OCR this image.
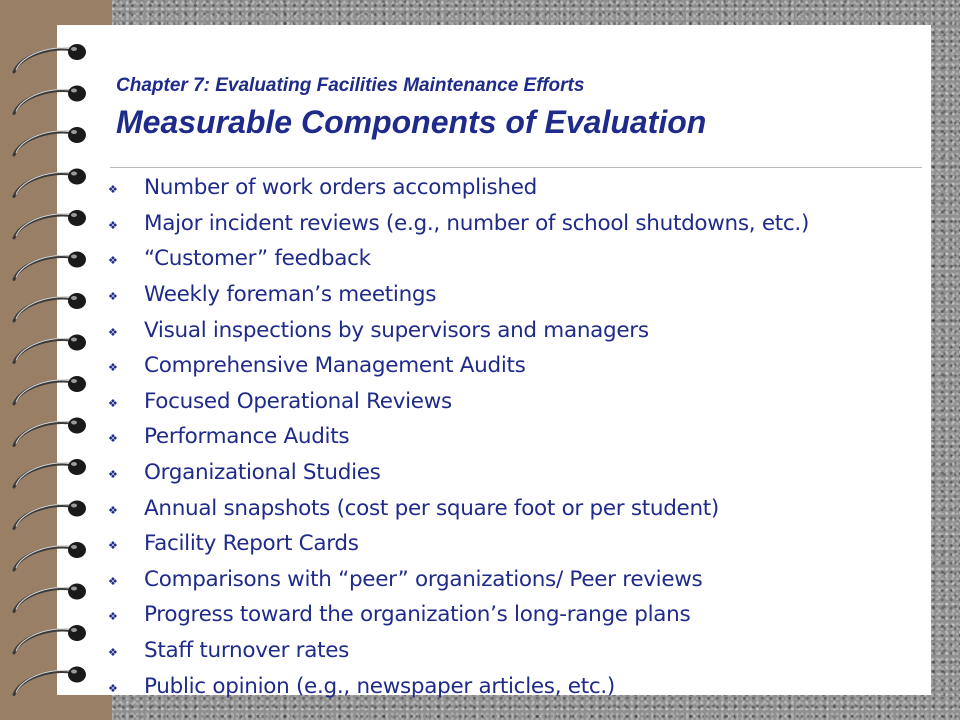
Chapter 7: Evaluating Facilities Maintenance Efforts
Measurable Components of Evaluation
❖	Number of work orders accomplished
❖	Major incident reviews (e.g., number of school shutdowns, etc.)
❖	“Customer” feedback
❖	Weekly foreman’s meetings
❖	Visual inspections by supervisors and managers
❖	Comprehensive Management Audits
❖	Focused Operational Reviews
❖	Performance Audits
❖	Organizational Studies
❖	Annual snapshots (cost per square foot or per student)
❖	Facility Report Cards
❖	Comparisons with “peer” organizations/ Peer reviews
❖	Progress toward the organization’s long-range plans
❖	Staff turnover rates
❖	Public opinion (e.g., newspaper articles, etc.)
